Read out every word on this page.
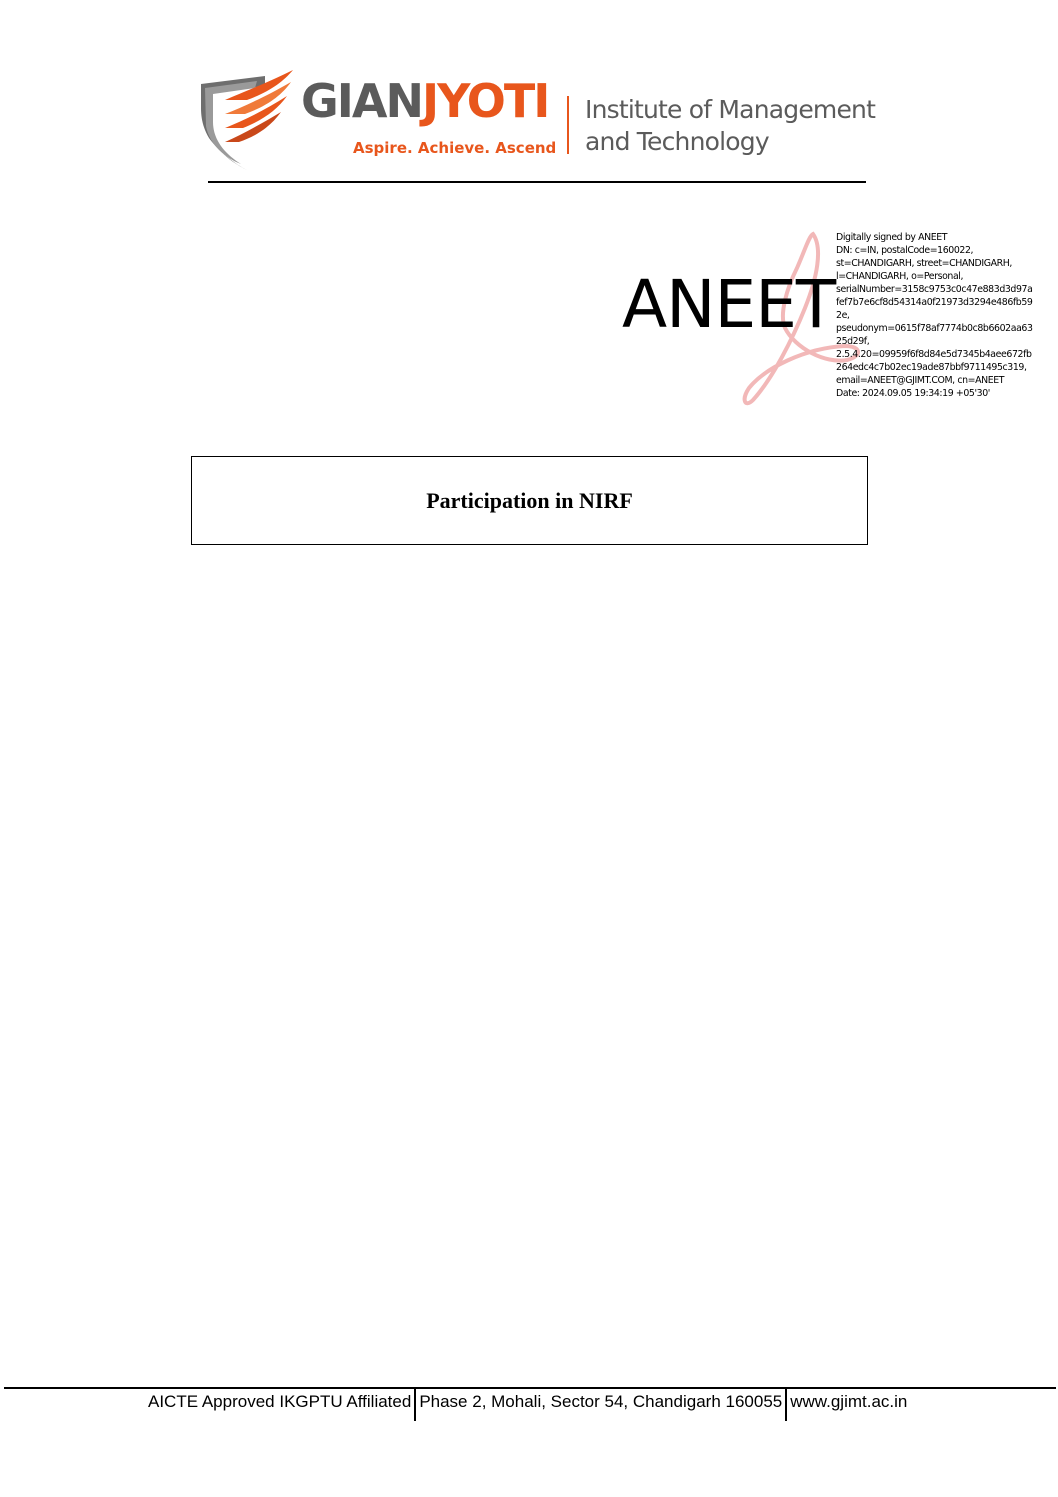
GIANJYOTI
Aspire. Achieve. Ascend
Institute of Management
and Technology
ANEET
Digitally signed by ANEET
DN: c=IN, postalCode=160022,
st=CHANDIGARH, street=CHANDIGARH,
l=CHANDIGARH, o=Personal,
serialNumber=3158c9753c0c47e883d3d97a
fef7b7e6cf8d54314a0f21973d3294e486fb59
2e,
pseudonym=0615f78af7774b0c8b6602aa63
25d29f,
2.5.4.20=09959f6f8d84e5d7345b4aee672fb
264edc4c7b02ec19ade87bbf9711495c319,
email=ANEET@GJIMT.COM, cn=ANEET
Date: 2024.09.05 19:34:19 +05'30'
Participation in NIRF
AICTE Approved IKGPTU Affiliated Phase 2, Mohali, Sector 54, Chandigarh 160055 www.gjimt.ac.in
